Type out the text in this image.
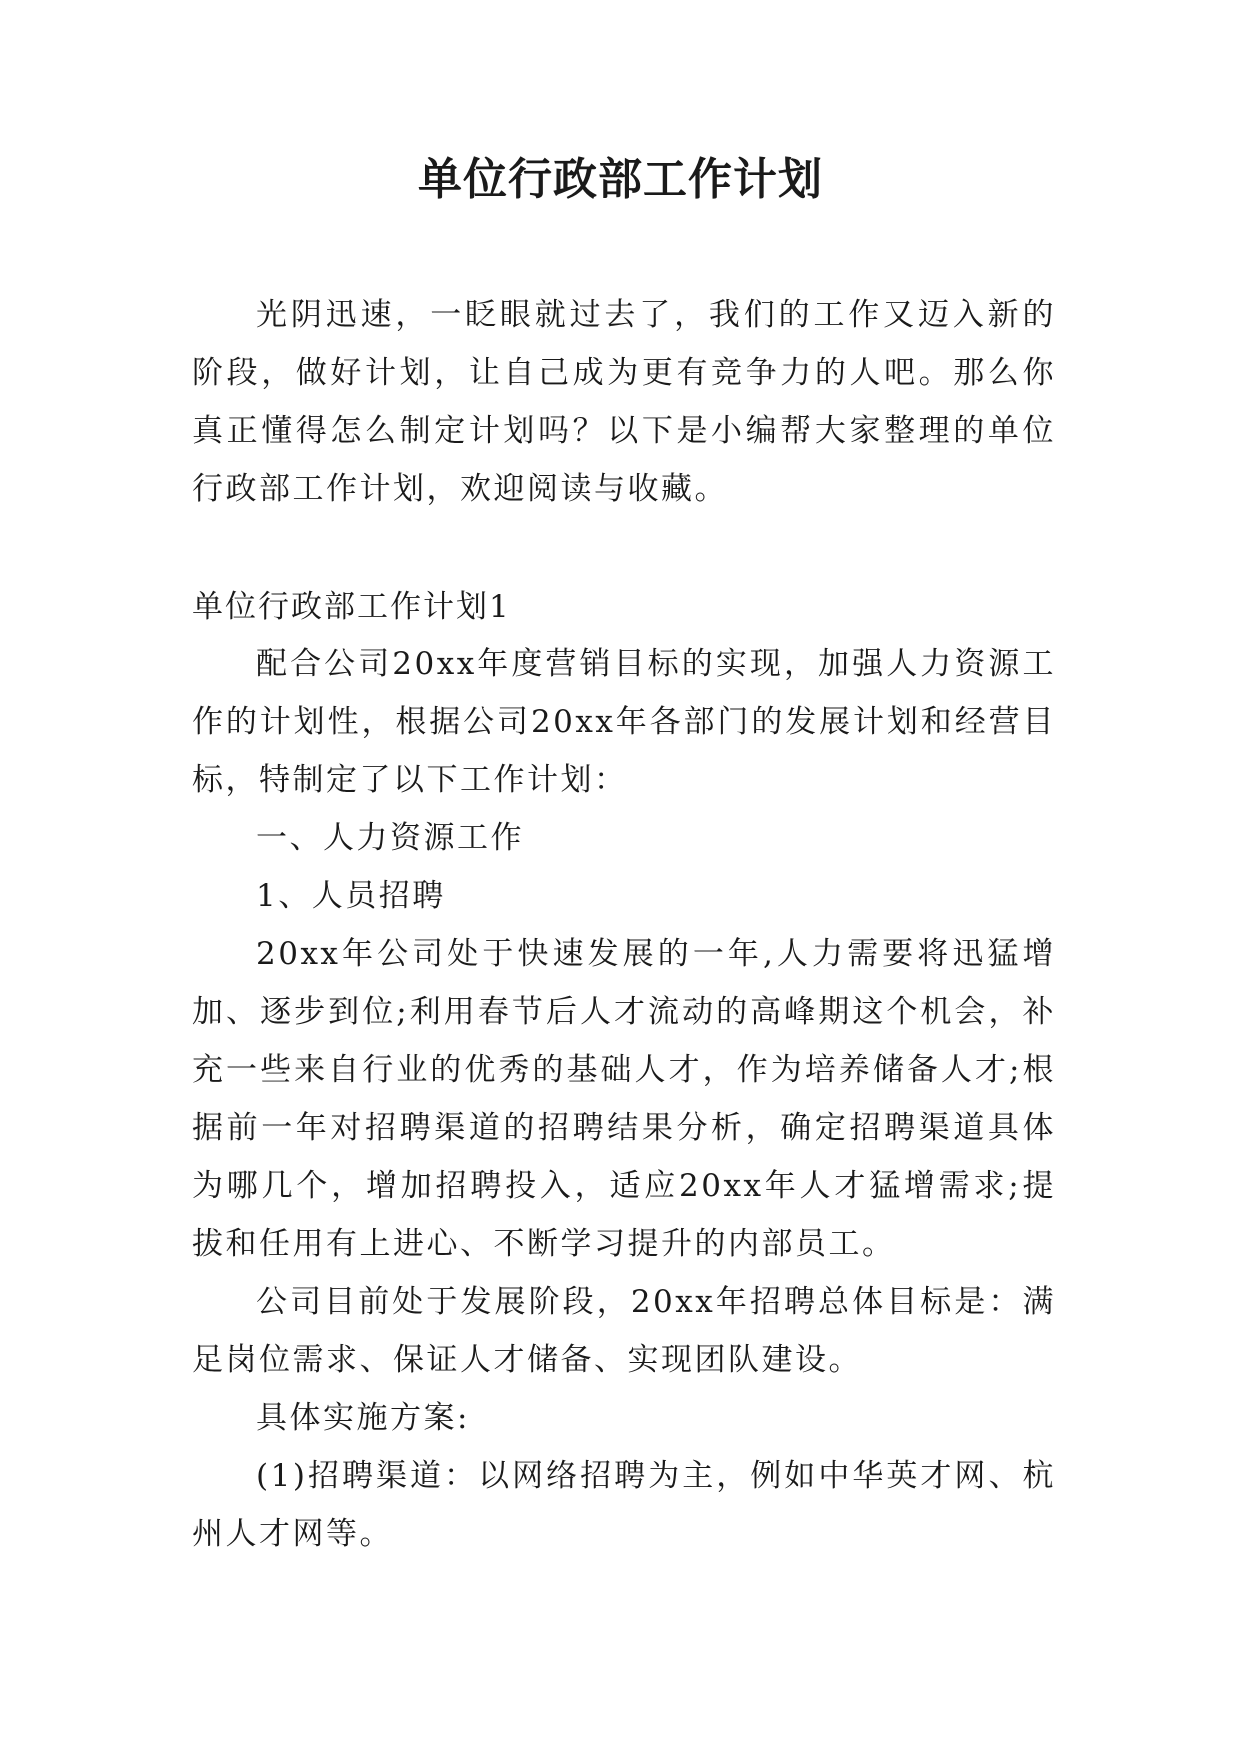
单位行政部工作计划

光阴迅速，一眨眼就过去了，我们的工作又迈入新的阶段，做好计划，让自己成为更有竞争力的人吧。那么你真正懂得怎么制定计划吗？以下是小编帮大家整理的单位行政部工作计划，欢迎阅读与收藏。

单位行政部工作计划1

配合公司20xx年度营销目标的实现，加强人力资源工作的计划性，根据公司20xx年各部门的发展计划和经营目标，特制定了以下工作计划：

一、人力资源工作

1、人员招聘

20xx年公司处于快速发展的一年,人力需要将迅猛增加、逐步到位;利用春节后人才流动的高峰期这个机会，补充一些来自行业的优秀的基础人才，作为培养储备人才;根据前一年对招聘渠道的招聘结果分析，确定招聘渠道具体为哪几个，增加招聘投入，适应20xx年人才猛增需求;提拔和任用有上进心、不断学习提升的内部员工。

公司目前处于发展阶段，20xx年招聘总体目标是：满足岗位需求、保证人才储备、实现团队建设。

具体实施方案:

(1)招聘渠道：以网络招聘为主，例如中华英才网、杭州人才网等。
